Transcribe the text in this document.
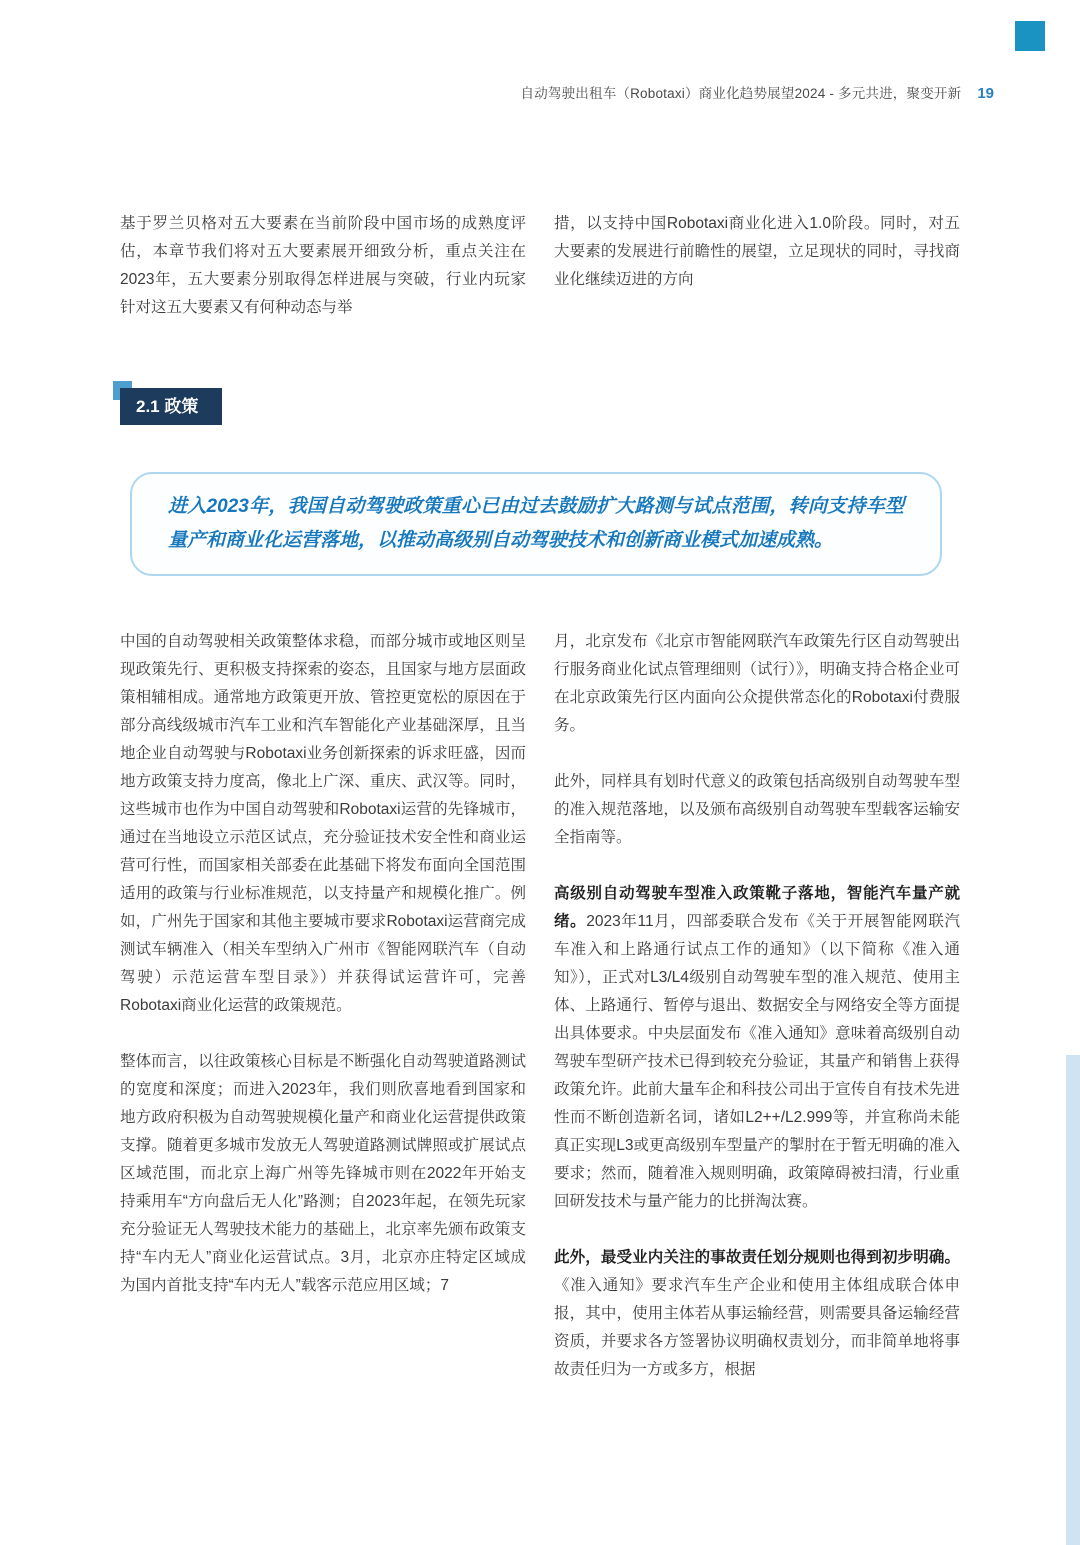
自动驾驶出租车（Robotaxi）商业化趋势展望2024 - 多元共进，聚变开新 19

基于罗兰贝格对五大要素在当前阶段中国市场的成熟度评估，本章节我们将对五大要素展开细致分析，重点关注在2023年，五大要素分别取得怎样进展与突破，行业内玩家针对这五大要素又有何种动态与举

措，以支持中国Robotaxi商业化进入1.0阶段。同时，对五大要素的发展进行前瞻性的展望，立足现状的同时，寻找商业化继续迈进的方向

2.1 政策

进入2023年，我国自动驾驶政策重心已由过去鼓励扩大路测与试点范围，转向支持车型量产和商业化运营落地，以推动高级别自动驾驶技术和创新商业模式加速成熟。

中国的自动驾驶相关政策整体求稳，而部分城市或地区则呈现政策先行、更积极支持探索的姿态，且国家与地方层面政策相辅相成。通常地方政策更开放、管控更宽松的原因在于部分高线级城市汽车工业和汽车智能化产业基础深厚，且当地企业自动驾驶与Robotaxi业务创新探索的诉求旺盛，因而地方政策支持力度高，像北上广深、重庆、武汉等。同时，这些城市也作为中国自动驾驶和Robotaxi运营的先锋城市，通过在当地设立示范区试点，充分验证技术安全性和商业运营可行性，而国家相关部委在此基础下将发布面向全国范围适用的政策与行业标准规范，以支持量产和规模化推广。例如，广州先于国家和其他主要城市要求Robotaxi运营商完成测试车辆准入（相关车型纳入广州市《智能网联汽车（自动驾驶）示范运营车型目录》）并获得试运营许可，完善Robotaxi商业化运营的政策规范。

整体而言，以往政策核心目标是不断强化自动驾驶道路测试的宽度和深度；而进入2023年，我们则欣喜地看到国家和地方政府积极为自动驾驶规模化量产和商业化运营提供政策支撑。随着更多城市发放无人驾驶道路测试牌照或扩展试点区域范围，而北京上海广州等先锋城市则在2022年开始支持乘用车“方向盘后无人化”路测；自2023年起，在领先玩家充分验证无人驾驶技术能力的基础上，北京率先颁布政策支持“车内无人”商业化运营试点。3月，北京亦庄特定区域成为国内首批支持“车内无人”载客示范应用区域；7

月，北京发布《北京市智能网联汽车政策先行区自动驾驶出行服务商业化试点管理细则（试行）》，明确支持合格企业可在北京政策先行区内面向公众提供常态化的Robotaxi付费服务。

此外，同样具有划时代意义的政策包括高级别自动驾驶车型的准入规范落地，以及颁布高级别自动驾驶车型载客运输安全指南等。

高级别自动驾驶车型准入政策靴子落地，智能汽车量产就绪。2023年11月，四部委联合发布《关于开展智能网联汽车准入和上路通行试点工作的通知》（以下简称《准入通知》），正式对L3/L4级别自动驾驶车型的准入规范、使用主体、上路通行、暂停与退出、数据安全与网络安全等方面提出具体要求。中央层面发布《准入通知》意味着高级别自动驾驶车型研产技术已得到较充分验证，其量产和销售上获得政策允许。此前大量车企和科技公司出于宣传自有技术先进性而不断创造新名词，诸如L2++/L2.999等，并宣称尚未能真正实现L3或更高级别车型量产的掣肘在于暂无明确的准入要求；然而，随着准入规则明确，政策障碍被扫清，行业重回研发技术与量产能力的比拼淘汰赛。

此外，最受业内关注的事故责任划分规则也得到初步明确。《准入通知》要求汽车生产企业和使用主体组成联合体申报，其中，使用主体若从事运输经营，则需要具备运输经营资质，并要求各方签署协议明确权责划分，而非简单地将事故责任归为一方或多方，根据
